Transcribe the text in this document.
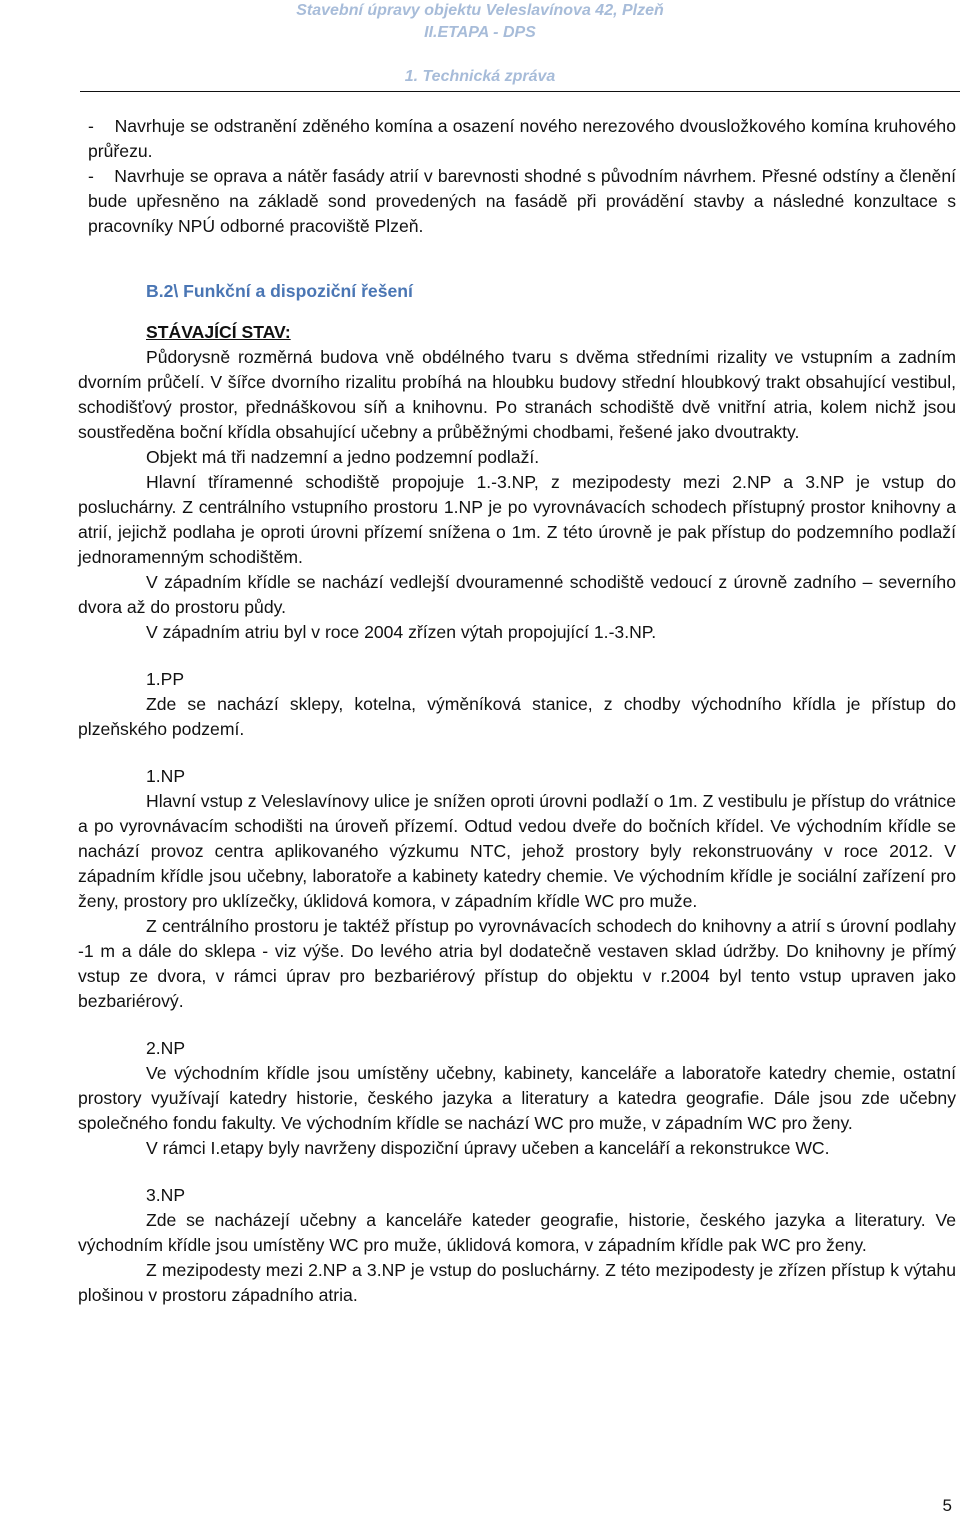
Stavební úpravy objektu Veleslavínova 42, Plzeň
II.ETAPA - DPS
1. Technická zpráva

-    Navrhuje se odstranění zděného komína a osazení nového nerezového dvousložkového komína kruhového průřezu.

-    Navrhuje se oprava a nátěr fasády atrií v barevnosti shodné s původním návrhem. Přesné odstíny a členění bude upřesněno na základě sond provedených na fasádě při provádění stavby a následné konzultace s pracovníky NPÚ odborné pracoviště Plzeň.

B.2\ Funkční a dispoziční řešení

STÁVAJÍCÍ STAV:

Půdorysně rozměrná budova vně obdélného tvaru s dvěma středními rizality ve vstupním a zadním dvorním průčelí. V šířce dvorního rizalitu probíhá na hloubku budovy střední hloubkový trakt obsahující vestibul, schodišťový prostor, přednáškovou síň a knihovnu. Po stranách schodiště dvě vnitřní atria, kolem nichž jsou soustředěna boční křídla obsahující učebny a průběžnými chodbami, řešené jako dvoutrakty.

Objekt má tři nadzemní a jedno podzemní podlaží.

Hlavní tříramenné schodiště propojuje 1.-3.NP, z mezipodesty mezi 2.NP a 3.NP je vstup do posluchárny. Z centrálního vstupního prostoru 1.NP je po vyrovnávacích schodech přístupný prostor knihovny a atrií, jejichž podlaha je oproti úrovni přízemí snížena o 1m. Z této úrovně je pak přístup do podzemního podlaží jednoramenným schodištěm.

V západním křídle se nachází vedlejší dvouramenné schodiště vedoucí z úrovně zadního – severního dvora až do prostoru půdy.

V západním atriu byl v roce 2004 zřízen výtah propojující 1.-3.NP.

1.PP

Zde se nachází sklepy, kotelna, výměníková stanice, z chodby východního křídla je přístup do plzeňského podzemí.

1.NP

Hlavní vstup z Veleslavínovy ulice je snížen oproti úrovni podlaží o 1m. Z vestibulu je přístup do vrátnice a po vyrovnávacím schodišti na úroveň přízemí. Odtud vedou dveře do bočních křídel. Ve východním křídle se nachází provoz centra aplikovaného výzkumu NTC, jehož prostory byly rekonstruovány v roce 2012. V západním křídle jsou učebny, laboratoře a kabinety katedry chemie. Ve východním křídle je sociální zařízení pro ženy, prostory pro uklízečky, úklidová komora, v západním křídle WC pro muže.

Z centrálního prostoru je taktéž přístup po vyrovnávacích schodech do knihovny a atrií s úrovní podlahy -1 m a dále do sklepa - viz výše. Do levého atria byl dodatečně vestaven sklad údržby. Do knihovny je přímý vstup ze dvora, v rámci úprav pro bezbariérový přístup do objektu v r.2004 byl tento vstup upraven jako bezbariérový.

2.NP

Ve východním křídle jsou umístěny učebny, kabinety, kanceláře a laboratoře katedry chemie, ostatní prostory využívají katedry historie, českého jazyka a literatury a katedra geografie. Dále jsou zde učebny společného fondu fakulty. Ve východním křídle se nachází WC pro muže, v západním WC pro ženy.

V rámci I.etapy byly navrženy dispoziční úpravy učeben a kanceláří a rekonstrukce WC.

3.NP

Zde se nacházejí učebny a kanceláře kateder geografie, historie, českého jazyka a literatury. Ve východním křídle jsou umístěny WC pro muže, úklidová komora, v západním křídle pak WC pro ženy.

Z mezipodesty mezi 2.NP a 3.NP je vstup do posluchárny. Z této mezipodesty je zřízen přístup k výtahu plošinou v prostoru západního atria.

5
